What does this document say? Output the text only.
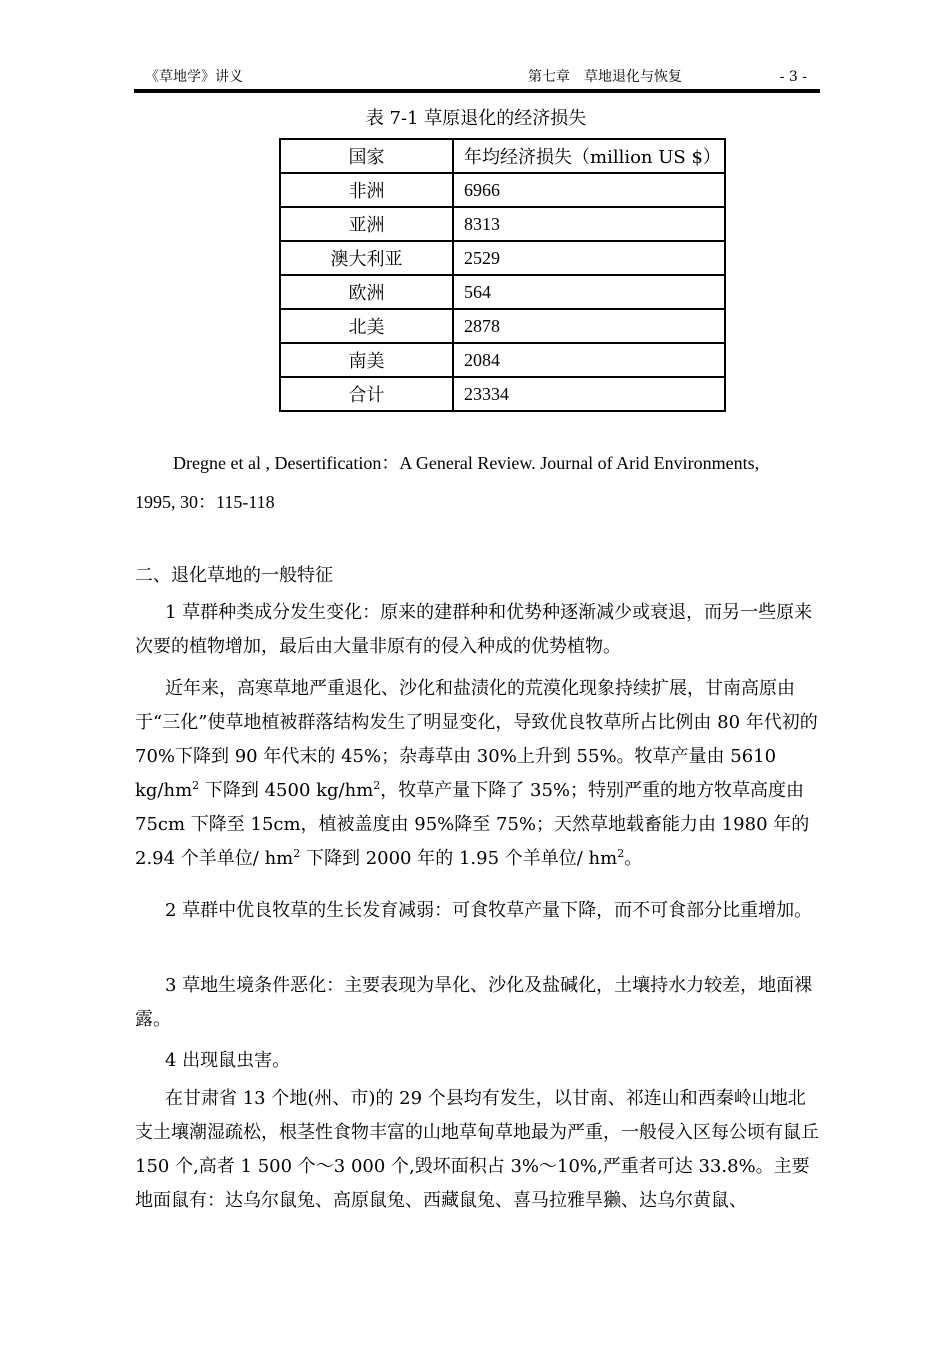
《草地学》讲义	第七章　草地退化与恢复	- 3 -
表 7-1 草原退化的经济损失
国家	年均经济损失（million US $）
非洲	6966
亚洲	8313
澳大利亚	2529
欧洲	564
北美	2878
南美	2084
合计	23334
Dregne et al , Desertification：A General Review. Journal of Arid Environments,
1995, 30：115-118
二、退化草地的一般特征
1 草群种类成分发生变化：原来的建群种和优势种逐渐减少或衰退，而另一些原来次要的植物增加，最后由大量非原有的侵入种成的优势植物。
近年来，高寒草地严重退化、沙化和盐渍化的荒漠化现象持续扩展，甘南高原由于“三化”使草地植被群落结构发生了明显变化，导致优良牧草所占比例由 80 年代初的 70%下降到 90 年代末的 45%；杂毒草由 30%上升到 55%。牧草产量由 5610 $kg/hm^2$ 下降到 4500 $kg/hm^2$，牧草产量下降了 35%；特别严重的地方牧草高度由 75cm 下降至 15cm，植被盖度由 95%降至 75%；天然草地载畜能力由 1980 年的 2.94 个羊单位/ $hm^2$ 下降到 2000 年的 1.95 个羊单位/ $hm^2$。
2 草群中优良牧草的生长发育减弱：可食牧草产量下降，而不可食部分比重增加。
3 草地生境条件恶化：主要表现为旱化、沙化及盐碱化，土壤持水力较差，地面裸露。
4 出现鼠虫害。
在甘肃省 13 个地(州、市)的 29 个县均有发生，以甘南、祁连山和西秦岭山地北支土壤潮湿疏松，根茎性食物丰富的山地草甸草地最为严重，一般侵入区每公顷有鼠丘 150 个,高者 1 500 个～3 000 个,毁坏面积占 3%～10%,严重者可达 33.8%。主要地面鼠有：达乌尔鼠兔、高原鼠兔、西藏鼠兔、喜马拉雅旱獭、达乌尔黄鼠、
